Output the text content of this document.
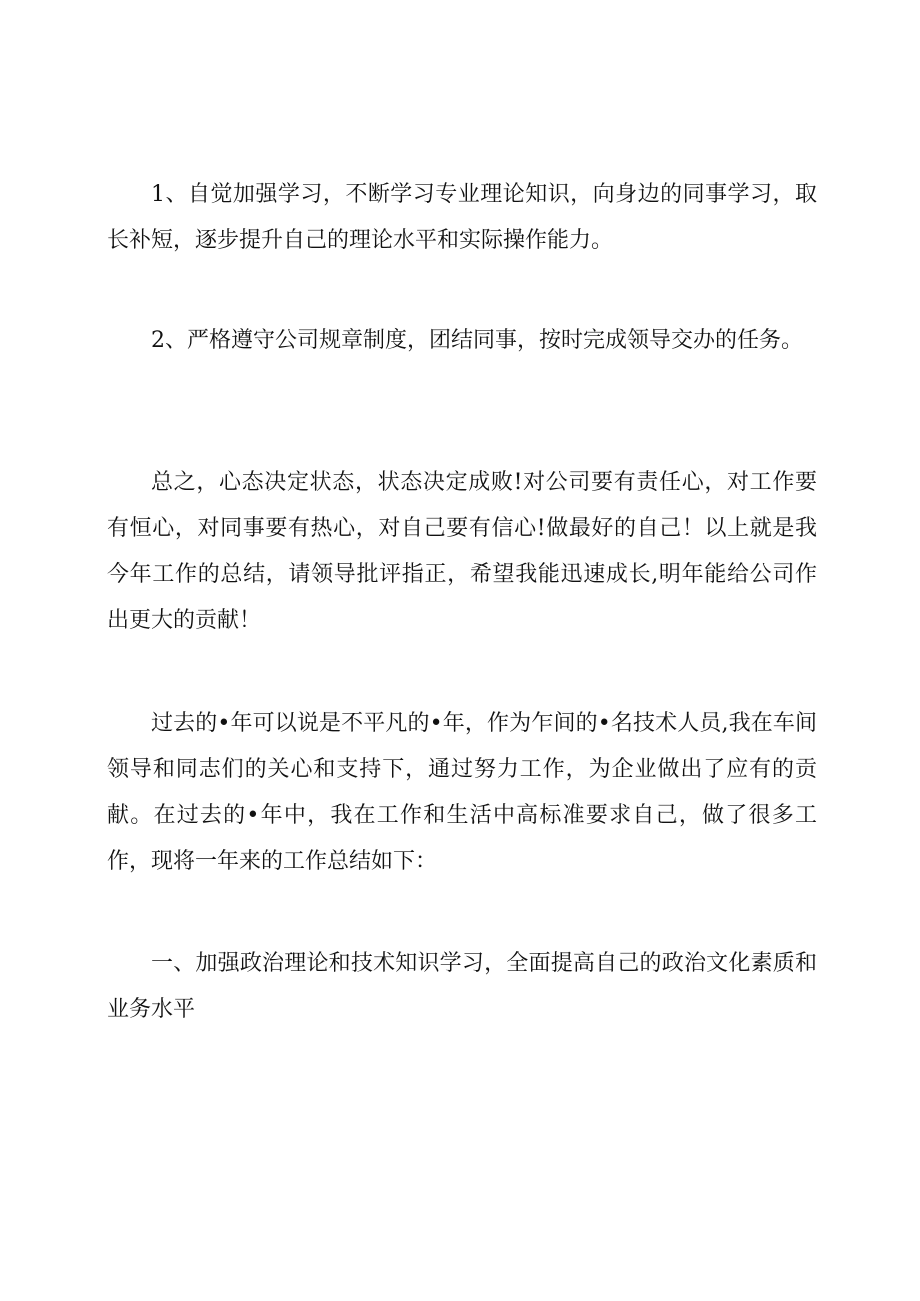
1、自觉加强学习，不断学习专业理论知识，向身边的同事学习，取长补短，逐步提升自己的理论水平和实际操作能力。

2、严格遵守公司规章制度，团结同事，按时完成领导交办的任务。

总之，心态决定状态，状态决定成败!对公司要有责任心，对工作要有恒心，对同事要有热心，对自己要有信心!做最好的自己！以上就是我今年工作的总结，请领导批评指正，希望我能迅速成长,明年能给公司作出更大的贡献！

过去的•年可以说是不平凡的•年，作为乍间的•名技术人员,我在车间领导和同志们的关心和支持下，通过努力工作，为企业做出了应有的贡献。在过去的•年中，我在工作和生活中高标准要求自己，做了很多工作，现将一年来的工作总结如下：

一、加强政治理论和技术知识学习，全面提高自己的政治文化素质和业务水平
